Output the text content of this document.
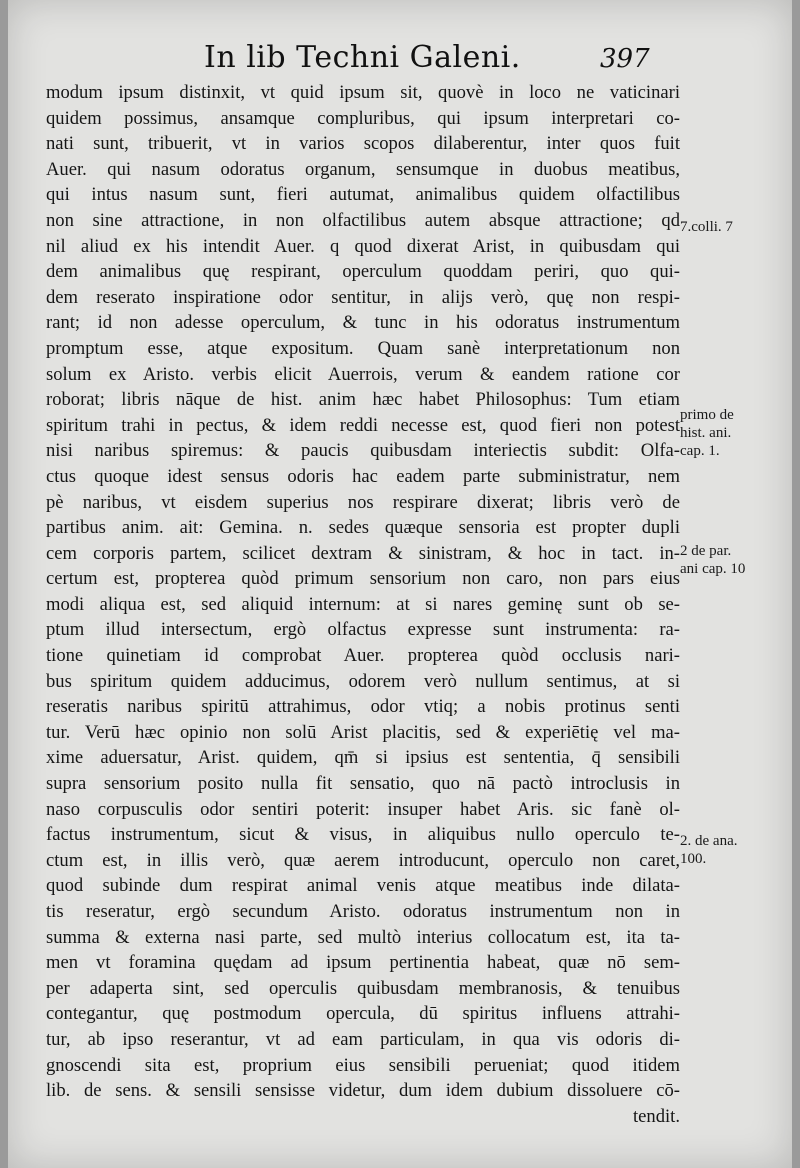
In lib Techni Galeni.	397
modum ipsum distinxit, vt quid ipsum sit, quovè in loco ne vaticinari
quidem possimus, ansamque compluribus, qui ipsum interpretari co-
nati sunt, tribuerit, vt in varios scopos dilaberentur, inter quos fuit
Auer. qui nasum odoratus organum, sensumque in duobus meatibus,
qui intus nasum sunt, fieri autumat, animalibus quidem olfactilibus
non sine attractione, in non olfactilibus autem absque attractione; qd
nil aliud ex his intendit Auer. q quod dixerat Arist, in quibusdam qui
dem animalibus quę respirant, operculum quoddam periri, quo qui-
dem reserato inspiratione odor sentitur, in alijs verò, quę non respi-
rant; id non adesse operculum, & tunc in his odoratus instrumentum
promptum esse, atque expositum. Quam sanè interpretationum non
solum ex Aristo. verbis elicit Auerrois, verum & eandem ratione cor
roborat; libris nāque de hist. anim hæc habet Philosophus: Tum etiam
spiritum trahi in pectus, & idem reddi necesse est, quod fieri non potest
nisi naribus spiremus: & paucis quibusdam interiectis subdit: Olfa-
ctus quoque idest sensus odoris hac eadem parte subministratur, nem
pè naribus, vt eisdem superius nos respirare dixerat; libris verò de
partibus anim. ait: Gemina. n. sedes quæque sensoria est propter dupli
cem corporis partem, scilicet dextram & sinistram, & hoc in tact. in-
certum est, propterea quòd primum sensorium non caro, non pars eius
modi aliqua est, sed aliquid internum: at si nares geminę sunt ob se-
ptum illud intersectum, ergò olfactus expresse sunt instrumenta: ra-
tione quinetiam id comprobat Auer. propterea quòd occlusis nari-
bus spiritum quidem adducimus, odorem verò nullum sentimus, at si
reseratis naribus spiritū attrahimus, odor vtiq; a nobis protinus senti
tur. Verū hæc opinio non solū Arist placitis, sed & experiētię vel ma-
xime aduersatur, Arist. quidem, qm̄ si ipsius est sententia, q̄ sensibili
supra sensorium posito nulla fit sensatio, quo nā pactò introclusis in
naso corpusculis odor sentiri poterit: insuper habet Aris. sic fanè ol-
factus instrumentum, sicut & visus, in aliquibus nullo operculo te-
ctum est, in illis verò, quæ aerem introducunt, operculo non caret,
quod subinde dum respirat animal venis atque meatibus inde dilata-
tis reseratur, ergò secundum Aristo. odoratus instrumentum non in
summa & externa nasi parte, sed multò interius collocatum est, ita ta-
men vt foramina quędam ad ipsum pertinentia habeat, quæ nō sem-
per adaperta sint, sed operculis quibusdam membranosis, & tenuibus
contegantur, quę postmodum opercula, dū spiritus influens attrahi-
tur, ab ipso reserantur, vt ad eam particulam, in qua vis odoris di-
gnoscendi sita est, proprium eius sensibili perueniat; quod itidem
lib. de sens. & sensili sensisse videtur, dum idem dubium dissoluere cō-
tendit.
7.colli. 7
primo de
hist. ani.
cap. 1.
2 de par.
ani cap. 10
2. de ana.
100.
